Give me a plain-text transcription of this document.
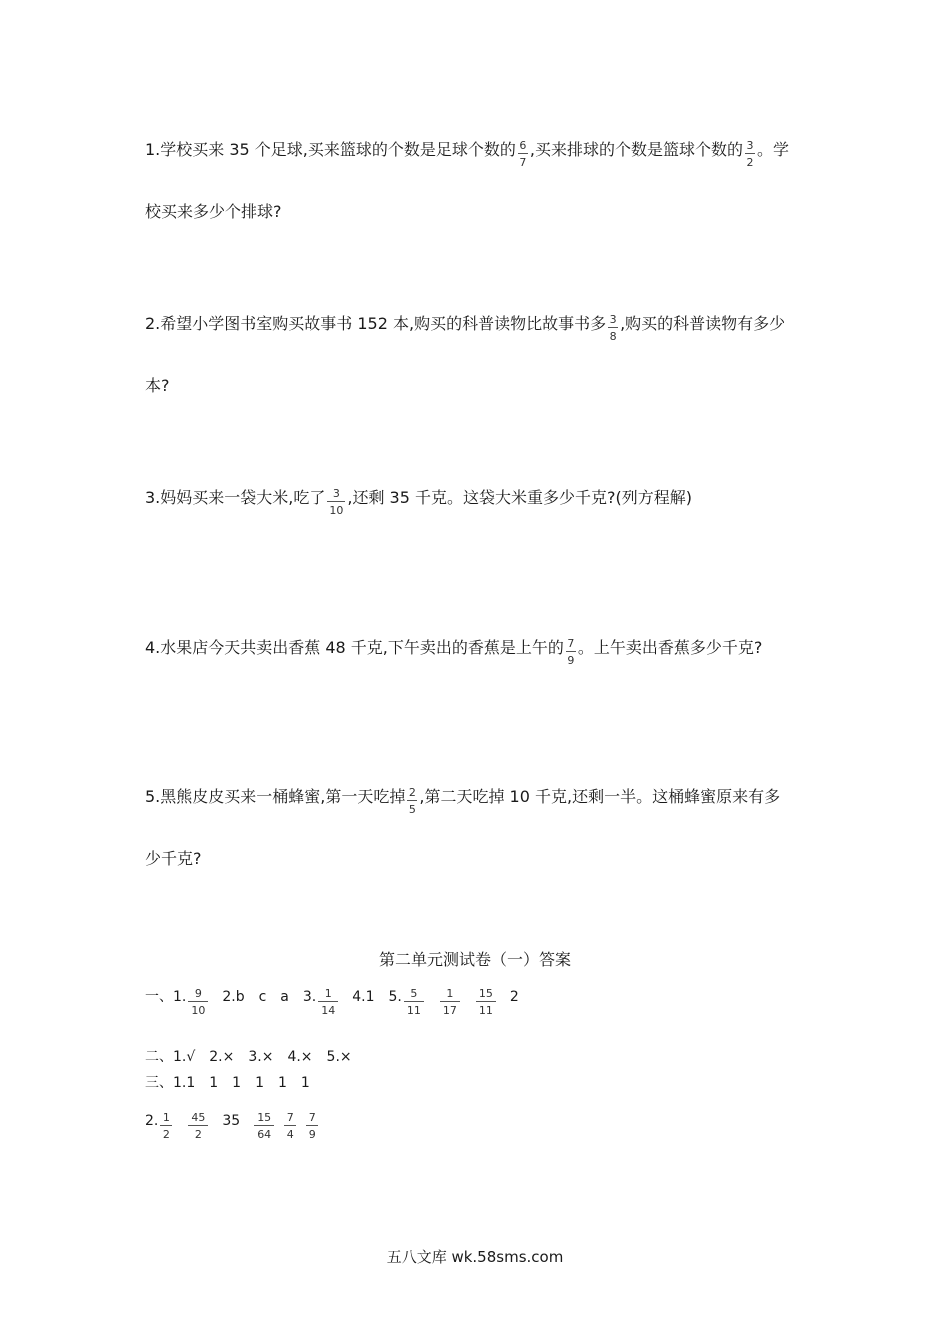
1.学校买来 35 个足球,买来篮球的个数是足球个数的 $\frac{6}{7}$ ,买来排球的个数是篮球个数的 $\frac{3}{2}$ 。学
校买来多少个排球?
2.希望小学图书室购买故事书 152 本,购买的科普读物比故事书多 $\frac{3}{8}$ ,购买的科普读物有多少
本?
3.妈妈买来一袋大米,吃了 $\frac{3}{10}$ ,还剩 35 千克。这袋大米重多少千克?(列方程解)
4.水果店今天共卖出香蕉 48 千克,下午卖出的香蕉是上午的 $\frac{7}{9}$ 。上午卖出香蕉多少千克?
5.黑熊皮皮买来一桶蜂蜜,第一天吃掉 $\frac{2}{5}$ ,第二天吃掉 10 千克,还剩一半。这桶蜂蜜原来有多
少千克?
第二单元测试卷（一）答案
一、1. $\frac{9}{10} 2.b$　c　a　3. $\frac{1}{14} 4.1$　5. $\frac{5}{11} \frac{1}{17} \frac{15}{11} 2$
二、1.√　2.×　3.×　4.×　5.×
三、1.1　1　1　1　1　1
2. $\frac{1}{2} \frac{45}{2} 35 \frac{15}{64} \frac{7}{4} \frac{7}{9}$
五八文库 wk.58sms.com
